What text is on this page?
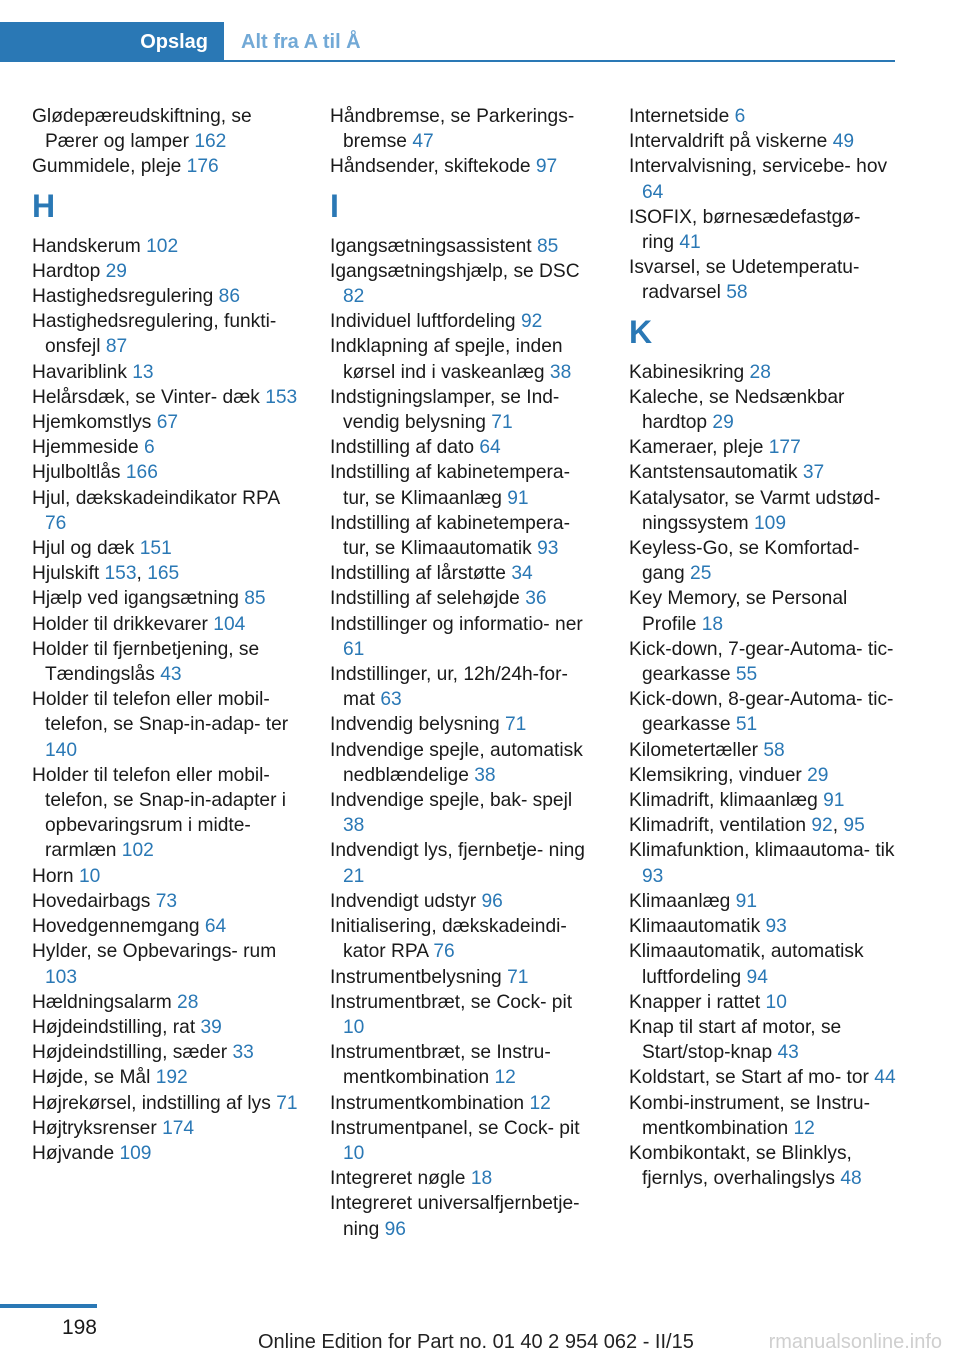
Opslag	Alt fra A til Å
Glødepæreudskiftning, se Pærer og lamper 162
Gummidele, pleje 176
H
Handskerum 102
Hardtop 29
Hastighedsregulering 86
Hastighedsregulering, funkti- onsfejl 87
Havariblink 13
Helårsdæk, se Vinter- dæk 153
Hjemkomstlys 67
Hjemmeside 6
Hjulboltlås 166
Hjul, dækskadeindikator RPA 76
Hjul og dæk 151
Hjulskift 153, 165
Hjælp ved igangsætning 85
Holder til drikkevarer 104
Holder til fjernbetjening, se Tændingslås 43
Holder til telefon eller mobil- telefon, se Snap-in-adap- ter 140
Holder til telefon eller mobil- telefon, se Snap-in-adapter i opbevaringsrum i midte- rarmlæn 102
Horn 10
Hovedairbags 73
Hovedgennemgang 64
Hylder, se Opbevarings- rum 103
Hældningsalarm 28
Højdeindstilling, rat 39
Højdeindstilling, sæder 33
Højde, se Mål 192
Højrekørsel, indstilling af lys 71
Højtryksrenser 174
Højvande 109
Håndbremse, se Parkerings- bremse 47
Håndsender, skiftekode 97
I
Igangsætningsassistent 85
Igangsætningshjælp, se DSC 82
Individuel luftfordeling 92
Indklapning af spejle, inden kørsel ind i vaskeanlæg 38
Indstigningslamper, se Ind- vendig belysning 71
Indstilling af dato 64
Indstilling af kabinetempera- tur, se Klimaanlæg 91
Indstilling af kabinetempera- tur, se Klimaautomatik 93
Indstilling af lårstøtte 34
Indstilling af selehøjde 36
Indstillinger og informatio- ner 61
Indstillinger, ur, 12h/24h-for- mat 63
Indvendig belysning 71
Indvendige spejle, automatisk nedblændelige 38
Indvendige spejle, bak- spejl 38
Indvendigt lys, fjernbetje- ning 21
Indvendigt udstyr 96
Initialisering, dækskadeindi- kator RPA 76
Instrumentbelysning 71
Instrumentbræt, se Cock- pit 10
Instrumentbræt, se Instru- mentkombination 12
Instrumentkombination 12
Instrumentpanel, se Cock- pit 10
Integreret nøgle 18
Integreret universalfjernbetje- ning 96
Internetside 6
Intervaldrift på viskerne 49
Intervalvisning, servicebe- hov 64
ISOFIX, børnesædefastgø- ring 41
Isvarsel, se Udetemperatu- radvarsel 58
K
Kabinesikring 28
Kaleche, se Nedsænkbar hardtop 29
Kameraer, pleje 177
Kantstensautomatik 37
Katalysator, se Varmt udstød- ningssystem 109
Keyless-Go, se Komfortad- gang 25
Key Memory, se Personal Profile 18
Kick-down, 7-gear-Automa- tic-gearkasse 55
Kick-down, 8-gear-Automa- tic-gearkasse 51
Kilometertæller 58
Klemsikring, vinduer 29
Klimadrift, klimaanlæg 91
Klimadrift, ventilation 92, 95
Klimafunktion, klimaautoma- tik 93
Klimaanlæg 91
Klimaautomatik 93
Klimaautomatik, automatisk luftfordeling 94
Knapper i rattet 10
Knap til start af motor, se Start/stop-knap 43
Koldstart, se Start af mo- tor 44
Kombi-instrument, se Instru- mentkombination 12
Kombikontakt, se Blinklys, fjernlys, overhalingslys 48
198
Online Edition for Part no. 01 40 2 954 062 - II/15	rmanualsonline.info
